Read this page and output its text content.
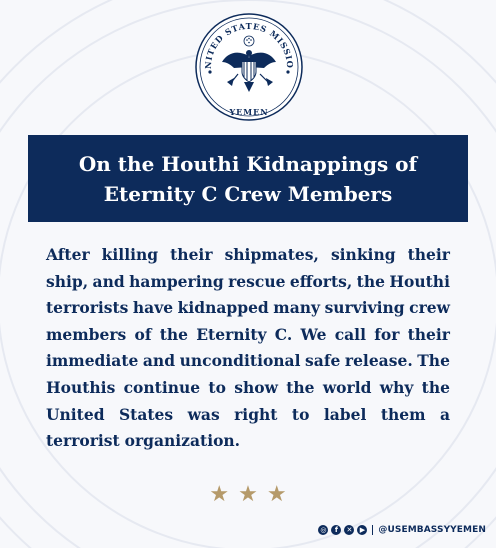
NITED STATES MISSIO
YEMEN
On the Houthi Kidnappings of
Eternity C Crew Members
After killing their shipmates, sinking their
ship, and hampering rescue efforts, the Houthi
terrorists have kidnapped many surviving crew
members of the Eternity C. We call for their
immediate and unconditional safe release. The
Houthis continue to show the world why the
United States was right to label them a
terrorist organization.
★ ★ ★
◎	f	✕	▶ @USEMBASSYYEMEN
